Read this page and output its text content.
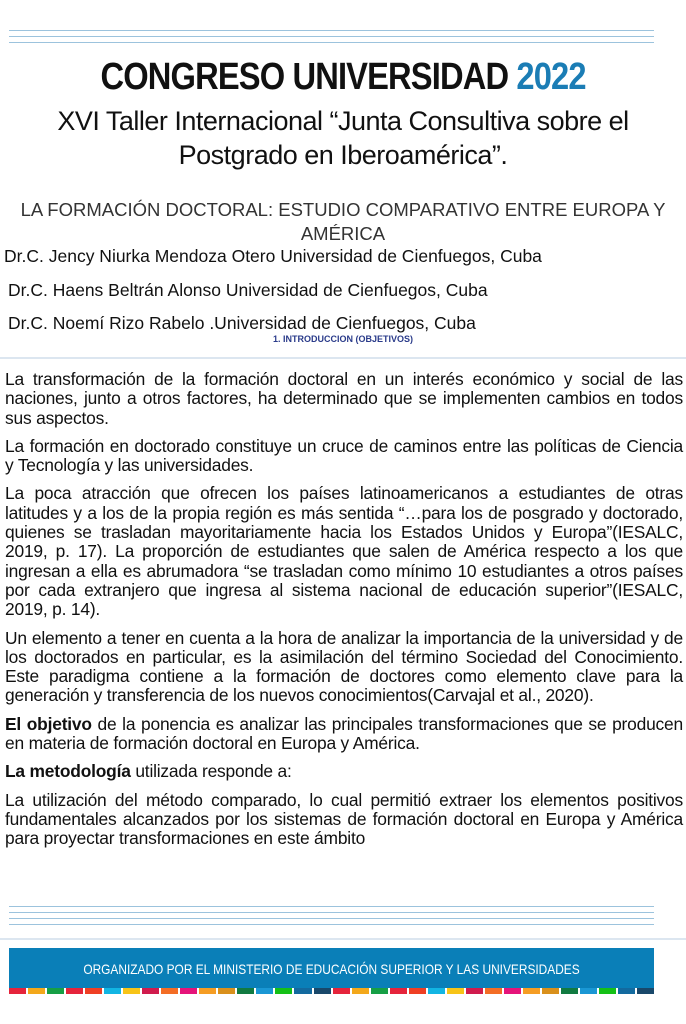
CONGRESO UNIVERSIDAD 2022
XVI Taller Internacional “Junta Consultiva sobre el
Postgrado en Iberoamérica”.
LA FORMACIÓN DOCTORAL: ESTUDIO COMPARATIVO ENTRE EUROPA Y AMÉRICA
Dr.C. Jency Niurka Mendoza Otero Universidad de Cienfuegos, Cuba
Dr.C. Haens Beltrán Alonso Universidad de Cienfuegos, Cuba
Dr.C. Noemí Rizo Rabelo .Universidad de Cienfuegos, Cuba
1. INTRODUCCION (OBJETIVOS)

La transformación de la formación doctoral en un interés económico y social de las naciones, junto a otros factores, ha determinado que se implementen cambios en todos sus aspectos.

La formación en doctorado constituye un cruce de caminos entre las políticas de Ciencia y Tecnología y las universidades.

La poca atracción que ofrecen los países latinoamericanos a estudiantes de otras latitudes y a los de la propia región es más sentida “…para los de posgrado y doctorado, quienes se trasladan mayoritariamente hacia los Estados Unidos y Europa”(IESALC, 2019, p. 17). La proporción de estudiantes que salen de América respecto a los que ingresan a ella es abrumadora “se trasladan como mínimo 10 estudiantes a otros países por cada extranjero que ingresa al sistema nacional de educación superior”(IESALC, 2019, p. 14).

Un elemento a tener en cuenta a la hora de analizar la importancia de la universidad y de los doctorados en particular, es la asimilación del término Sociedad del Conocimiento. Este paradigma contiene a la formación de doctores como elemento clave para la generación y transferencia de los nuevos conocimientos(Carvajal et al., 2020).

El objetivo de la ponencia es analizar las principales transformaciones que se producen en materia de formación doctoral en Europa y América.

La metodología utilizada responde a:

La utilización del método comparado, lo cual permitió extraer los elementos positivos fundamentales alcanzados por los sistemas de formación doctoral en Europa y América para proyectar transformaciones en este ámbito

ORGANIZADO POR EL MINISTERIO DE EDUCACIÓN SUPERIOR Y LAS UNIVERSIDADES CUBANAS
